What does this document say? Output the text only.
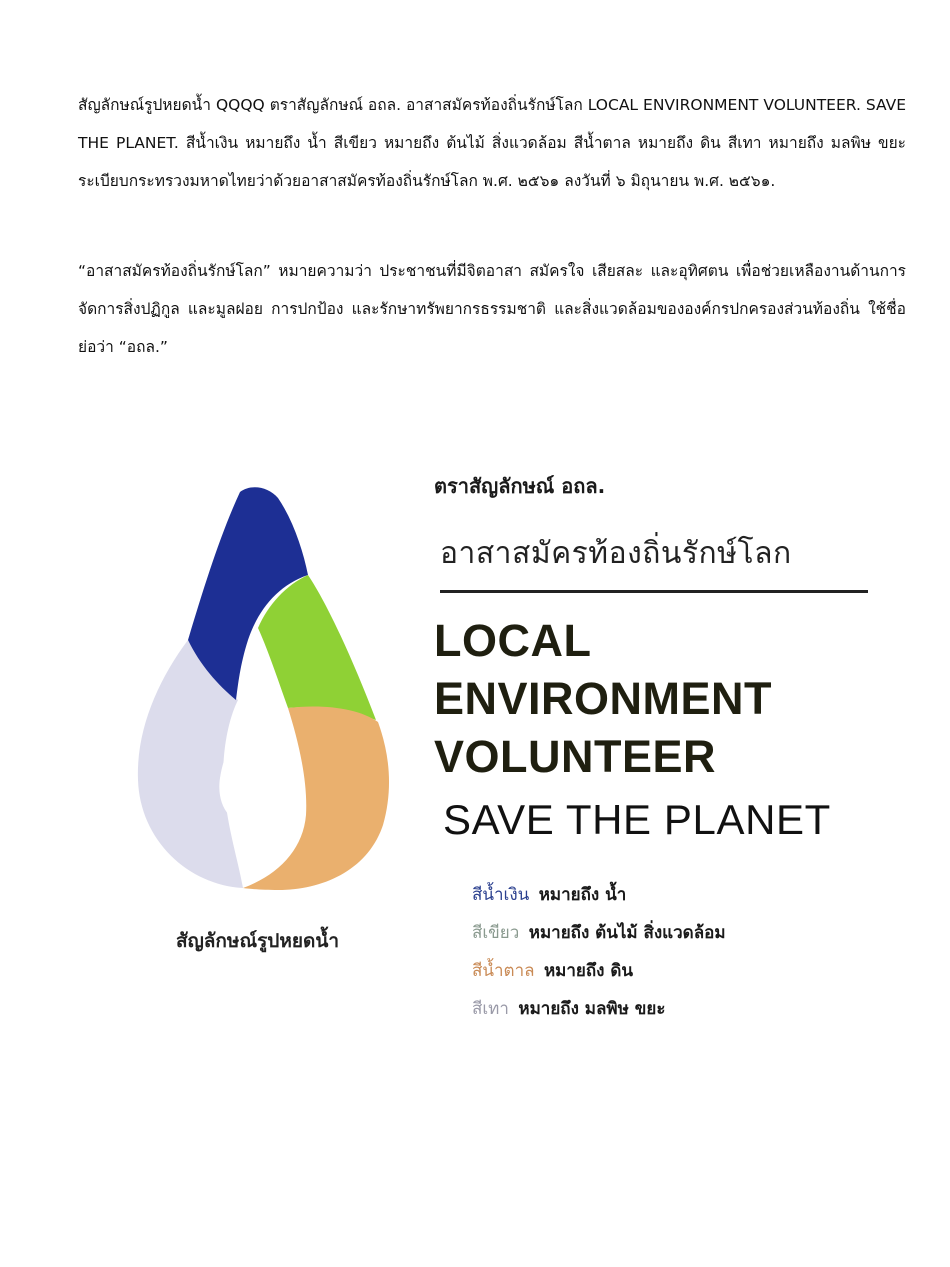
สัญลักษณ์รูปหยดน้ำ QQQQ ตราสัญลักษณ์ อถล. อาสาสมัครท้องถิ่นรักษ์โลก LOCAL ENVIRONMENT VOLUNTEER. SAVE THE PLANET. สีน้ำเงิน หมายถึง น้ำ สีเขียว หมายถึง ต้นไม้ สิ่งแวดล้อม สีน้ำตาล หมายถึง ดิน สีเทา หมายถึง มลพิษ ขยะ ระเบียบกระทรวงมหาดไทยว่าด้วยอาสาสมัครท้องถิ่นรักษ์โลก พ.ศ. ๒๕๖๑ ลงวันที่ ๖ มิถุนายน พ.ศ. ๒๕๖๑.

“อาสาสมัครท้องถิ่นรักษ์โลก” หมายความว่า ประชาชนที่มีจิตอาสา สมัครใจ เสียสละ และอุทิศตน เพื่อช่วยเหลืองานด้านการจัดการสิ่งปฏิกูล และมูลฝอย การปกป้อง และรักษาทรัพยากรธรรมชาติ และสิ่งแวดล้อมขององค์กรปกครองส่วนท้องถิ่น ใช้ชื่อย่อว่า “อถล.”

สัญลักษณ์รูปหยดน้ำ
ตราสัญลักษณ์ อถล.
อาสาสมัครท้องถิ่นรักษ์โลก
LOCAL
ENVIRONMENT
VOLUNTEER
SAVE THE PLANET
สีน้ำเงิน หมายถึง น้ำ
สีเขียว หมายถึง ต้นไม้ สิ่งแวดล้อม
สีน้ำตาล หมายถึง ดิน
สีเทา หมายถึง มลพิษ ขยะ
